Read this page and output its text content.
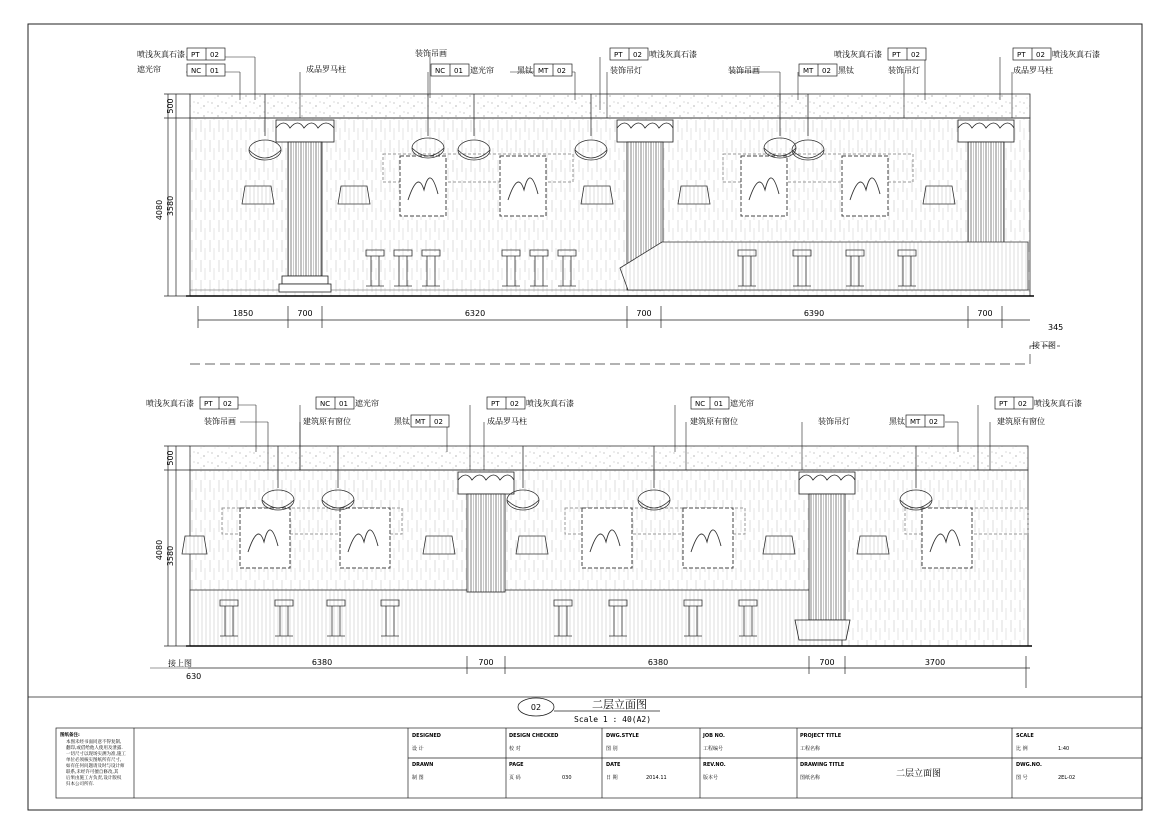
4080
500
3580
1850	700	6320	700	6390	700
345
接下图
喷浅灰真石漆 PT 02
遮光帘	NC 01	成品罗马柱
装饰吊画
NC 01 遮光帘	黑钛 MT 02
PT 02 喷浅灰真石漆
装饰吊灯	装饰吊画	MT 02 黑钛
喷浅灰真石漆 PT 02
装饰吊灯
PT 02 喷浅灰真石漆
成品罗马柱
4080
500
3580
接上图
630
6380	700	6380	700	3700
喷浅灰真石漆 PT 02
装饰吊画
NC 01 遮光帘
建筑原有窗位	黑钛 MT 02
PT 02 喷浅灰真石漆
成品罗马柱
NC 01 遮光帘
建筑原有窗位	装饰吊灯	黑钛 MT 02
PT 02 喷浅灰真石漆
建筑原有窗位
02	二层立面图
Scale 1 : 40(A2)
图纸备注:
本图未经书面同意不得复制,
翻印,或借给他人使用及泄露.
一切尺寸以现场实测为准,施工
单位必须核实图纸所有尺寸,
如有任何问题请及时与设计师
联系,未经许可擅自修改,其
后果由施工方负责,设计版权
归本公司所有.
DESIGNED
设 计
DESIGN CHECKED
校 对
DWG.STYLE
图 别
JOB NO.
工程编号
PROJECT TITLE
工程名称
SCALE
比 例	1:40
DRAWN
制 图
PAGE
页 码	030
DATE
日 期	2014.11
REV.NO.
版本号
DRAWING TITLE
图纸名称	二层立面图
DWG.NO.
图 号	2EL-02
